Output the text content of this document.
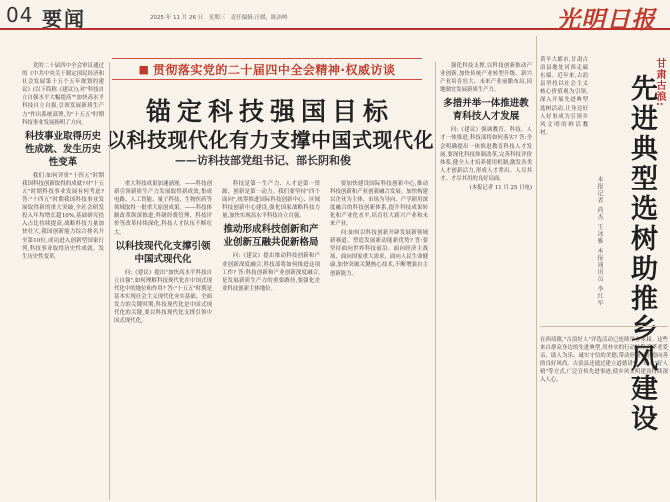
04 要闻	2025 年 11 月 26 日　星期三　责任编辑:汪媛、陈治岭	光明日报
■ 贯彻落实党的二十届四中全会精神·权威访谈
锚定科技强国目标
以科技现代化有力支撑中国式现代化
——访科技部党组书记、部长阴和俊

党的二十届四中全会审议通过的《中共中央关于制定国民经济和社会发展第十五个五年规划的建议》(以下简称《建议》),对"科技自立自强水平大幅提高""加快高水平科技自立自强,引领发展新质生产力"作出系统部署,为"十五五"时期科技事业发展指明了方向。

科技事业取得历史性成就、发生历史性变革

我们:如何评价"十四五"时期我国科技创新取得的成就?对"十五五"时期科技事业发展有何考虑? 答:"十四五"时期我国科技事业发展取得新的重大突破,全社会研发投入年均增长超10%,基础研究投入占比持续提高,战略科技力量加快壮大,我国创新能力综合排名升至第10位,成功进入创新型国家行列,科技事业取得历史性成就、发生历史性变革。

重大科技成果加速涌现。——科技创新引领新质生产力发展取得新成效,集成电路、人工智能、量子科技、生物医药等领域取得一批重大原创成果。——科技体制改革纵深推进,科研经费管理、科技评价等改革持续深化,科技人才队伍不断壮大。

以科技现代化支撑引领中国式现代化

问:《建议》提出"加快高水平科技自立自强",如何理解科技现代化在中国式现代化中的地位和作用? 答:"十五五"时期是基本实现社会主义现代化夯实基础、全面发力的关键时期,科技现代化是中国式现代化的关键,要以科技现代化支撑引领中国式现代化。

科技是第一生产力、人才是第一资源、创新是第一动力。我们要坚持"四个面向",统筹推进国际科技创新中心、区域科技创新中心建设,强化国家战略科技力量,加快实现高水平科技自立自强。

推动形成科技创新和产业创新互融共促新格局

问:《建议》提出推动科技创新和产业创新深度融合,科技部将如何推进这项工作? 答:科技创新和产业创新深度融合,是发展新质生产力的重要路径,要强化企业科技创新主体地位。

要加快建设国际科技创新中心,推动科技创新和产业创新融合发展。加快构建以企业为主体、市场为导向、产学研用深度融合的科技创新体系,提升科技成果转化和产业化水平,培育壮大新兴产业和未来产业。

问:如何以科技创新开辟发展新领域新赛道、塑造发展新动能新优势? 答:要坚持面向世界科技前沿、面向经济主战场、面向国家重大需求、面向人民生命健康,加快突破关键核心技术,不断增强自主创新能力。

强化科技支撑,以科技创新推动产业创新,加快传统产业转型升级、新兴产业培育壮大、未来产业前瞻布局,因地制宜发展新质生产力。

多措并举一体推进教育科技人才发展

问:《建议》强调教育、科技、人才一体推进,科技部将如何落实? 答:全会明确提出一体推进教育科技人才发展,要深化科技体制改革,完善科技评价体系,健全人才培养使用机制,激发各类人才创新活力,形成人才辈出、人尽其才、才尽其用的良好局面。

(本报记者 11 月 25 日电)

黄羊大都市,甘肃古浪县地处河西走廊东端。近年来,古浪县坚持以社会主义核心价值观为引领,深入开展先进典型选树活动,让身边好人好事成为引领乡风文明的鲜活教材。
甘肃古浪:
先进典型选树助推乡风建设
本报记者 尚杰 王冰雅 本报通讯员 李红军
在西靖镇,"古浪好人"评选活动已连续举办多届。这些来自群众身边的先进典型,用朴实的行动诠释着孝老爱亲、助人为乐、诚实守信的美德,带动形成了崇德向善的良好风尚。古浪县还通过建立道德讲堂、设立"好人榜"等方式,广泛宣传先进事迹,使乡风文明建设持续深入人心。
